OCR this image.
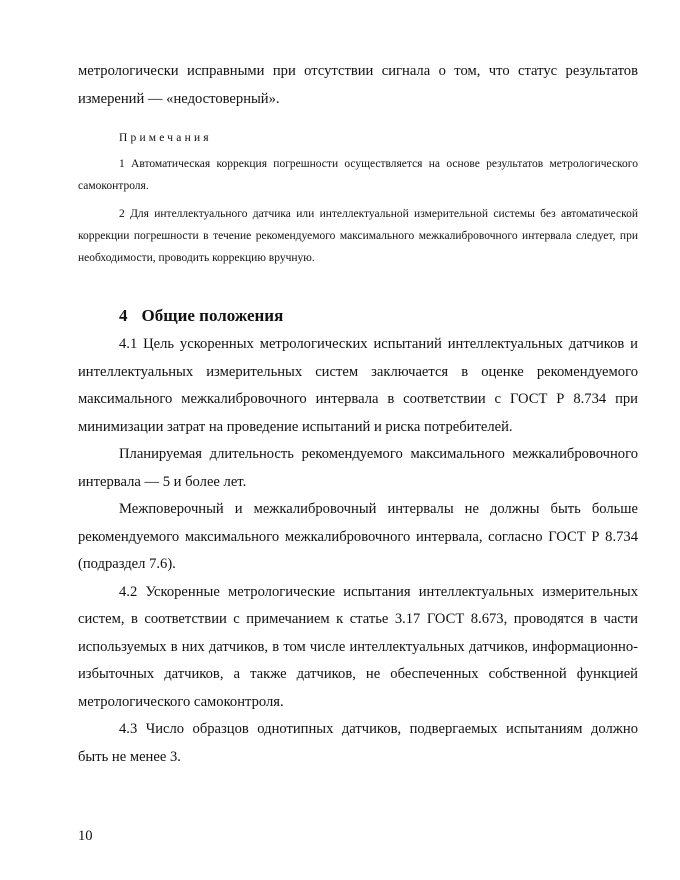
метрологически исправными при отсутствии сигнала о том, что статус результатов измерений — «недостоверный».

Примечания

1 Автоматическая коррекция погрешности осуществляется на основе результатов метрологического самоконтроля.

2 Для интеллектуального датчика или интеллектуальной измерительной системы без автоматической коррекции погрешности в течение рекомендуемого максимального межкалибровочного интервала следует, при необходимости, проводить коррекцию вручную.

4 Общие положения

4.1 Цель ускоренных метрологических испытаний интеллектуальных датчиков и интеллектуальных измерительных систем заключается в оценке рекомендуемого максимального межкалибровочного интервала в соответствии с ГОСТ Р 8.734 при минимизации затрат на проведение испытаний и риска потребителей.

Планируемая длительность рекомендуемого максимального межкалибровочного интервала — 5 и более лет.

Межповерочный и межкалибровочный интервалы не должны быть больше рекомендуемого максимального межкалибровочного интервала, согласно ГОСТ Р 8.734 (подраздел 7.6).

4.2 Ускоренные метрологические испытания интеллектуальных измерительных систем, в соответствии с примечанием к статье 3.17 ГОСТ 8.673, проводятся в части используемых в них датчиков, в том числе интеллектуальных датчиков, информационно-избыточных датчиков, а также датчиков, не обеспеченных собственной функцией метрологического самоконтроля.

4.3 Число образцов однотипных датчиков, подвергаемых испытаниям должно быть не менее 3.

10
